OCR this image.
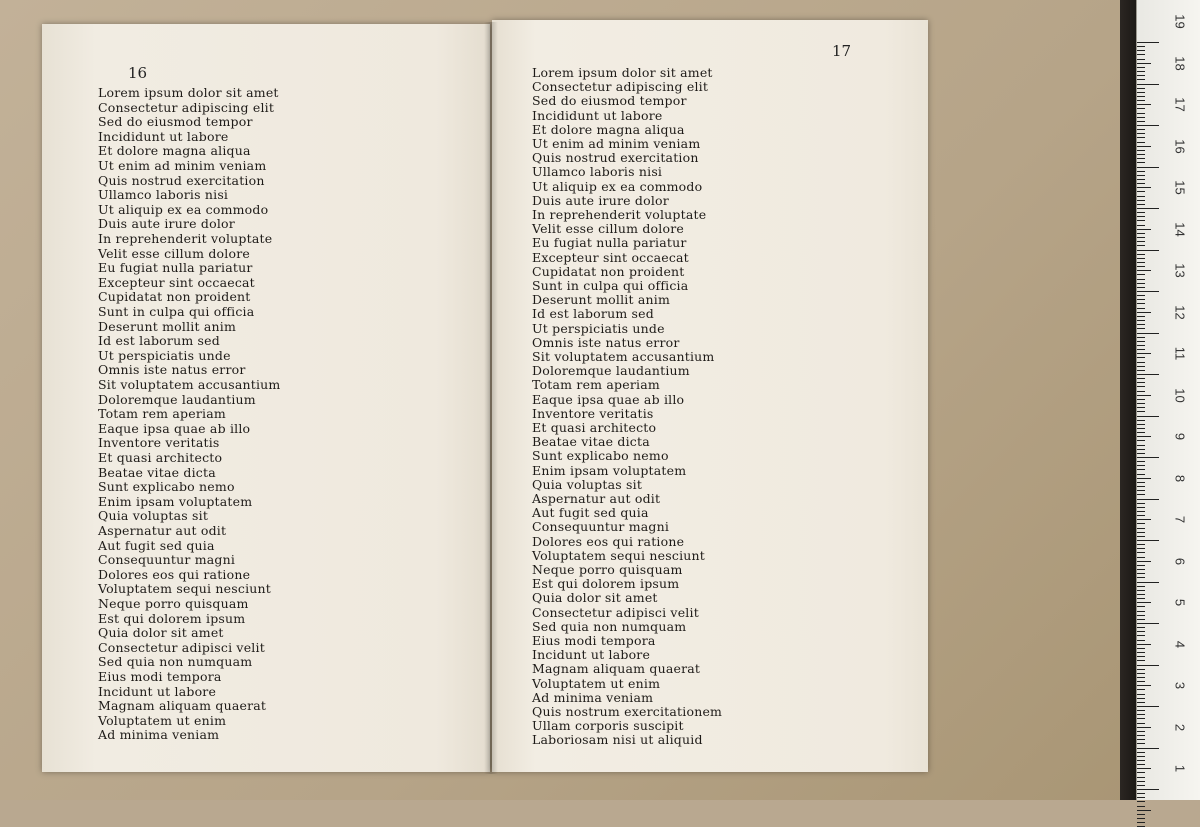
19
18
17
16
15
14
13
12
11
10
9
8
7
6
5
4
3
2
1
16
Lorem ipsum dolor sit amet
Consectetur adipiscing elit
Sed do eiusmod tempor
Incididunt ut labore
Et dolore magna aliqua
Ut enim ad minim veniam
Quis nostrud exercitation
Ullamco laboris nisi
Ut aliquip ex ea commodo
Duis aute irure dolor
In reprehenderit voluptate
Velit esse cillum dolore
Eu fugiat nulla pariatur
Excepteur sint occaecat
Cupidatat non proident
Sunt in culpa qui officia
Deserunt mollit anim
Id est laborum sed
Ut perspiciatis unde
Omnis iste natus error
Sit voluptatem accusantium
Doloremque laudantium
Totam rem aperiam
Eaque ipsa quae ab illo
Inventore veritatis
Et quasi architecto
Beatae vitae dicta
Sunt explicabo nemo
Enim ipsam voluptatem
Quia voluptas sit
Aspernatur aut odit
Aut fugit sed quia
Consequuntur magni
Dolores eos qui ratione
Voluptatem sequi nesciunt
Neque porro quisquam
Est qui dolorem ipsum
Quia dolor sit amet
Consectetur adipisci velit
Sed quia non numquam
Eius modi tempora
Incidunt ut labore
Magnam aliquam quaerat
Voluptatem ut enim
Ad minima veniam
17
Lorem ipsum dolor sit amet
Consectetur adipiscing elit
Sed do eiusmod tempor
Incididunt ut labore
Et dolore magna aliqua
Ut enim ad minim veniam
Quis nostrud exercitation
Ullamco laboris nisi
Ut aliquip ex ea commodo
Duis aute irure dolor
In reprehenderit voluptate
Velit esse cillum dolore
Eu fugiat nulla pariatur
Excepteur sint occaecat
Cupidatat non proident
Sunt in culpa qui officia
Deserunt mollit anim
Id est laborum sed
Ut perspiciatis unde
Omnis iste natus error
Sit voluptatem accusantium
Doloremque laudantium
Totam rem aperiam
Eaque ipsa quae ab illo
Inventore veritatis
Et quasi architecto
Beatae vitae dicta
Sunt explicabo nemo
Enim ipsam voluptatem
Quia voluptas sit
Aspernatur aut odit
Aut fugit sed quia
Consequuntur magni
Dolores eos qui ratione
Voluptatem sequi nesciunt
Neque porro quisquam
Est qui dolorem ipsum
Quia dolor sit amet
Consectetur adipisci velit
Sed quia non numquam
Eius modi tempora
Incidunt ut labore
Magnam aliquam quaerat
Voluptatem ut enim
Ad minima veniam
Quis nostrum exercitationem
Ullam corporis suscipit
Laboriosam nisi ut aliquid
